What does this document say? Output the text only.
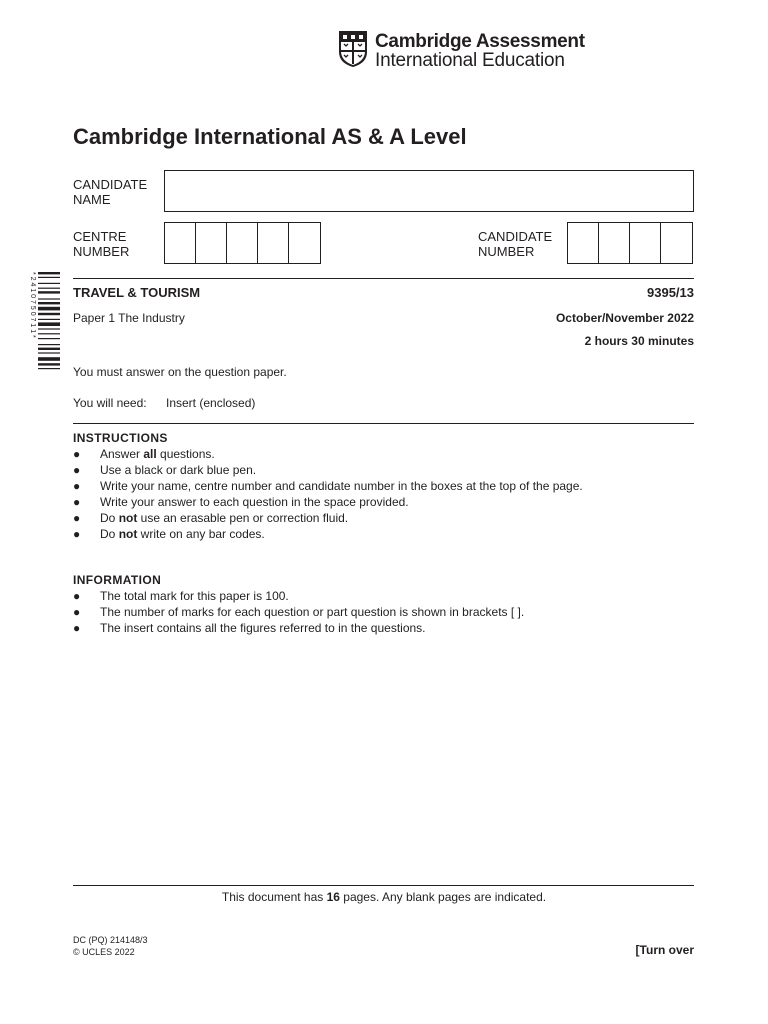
Cambridge Assessment
International Education
Cambridge International AS & A Level
CANDIDATE
NAME
CENTRE
NUMBER
CANDIDATE
NUMBER
* 2 4 1 0 7 5 0 7 1 1 *	TRAVEL & TOURISM	9395/13
Paper 1 The Industry	October/November 2022
2 hours 30 minutes
You must answer on the question paper.
You will need: Insert (enclosed)
INSTRUCTIONS
● Answer all questions.
● Use a black or dark blue pen.
● Write your name, centre number and candidate number in the boxes at the top of the page.
● Write your answer to each question in the space provided.
● Do not use an erasable pen or correction fluid.
● Do not write on any bar codes.
INFORMATION
● The total mark for this paper is 100.
● The number of marks for each question or part question is shown in brackets [ ].
● The insert contains all the figures referred to in the questions.
This document has 16 pages. Any blank pages are indicated.
DC (PQ) 214148/3
© UCLES 2022	[Turn over
